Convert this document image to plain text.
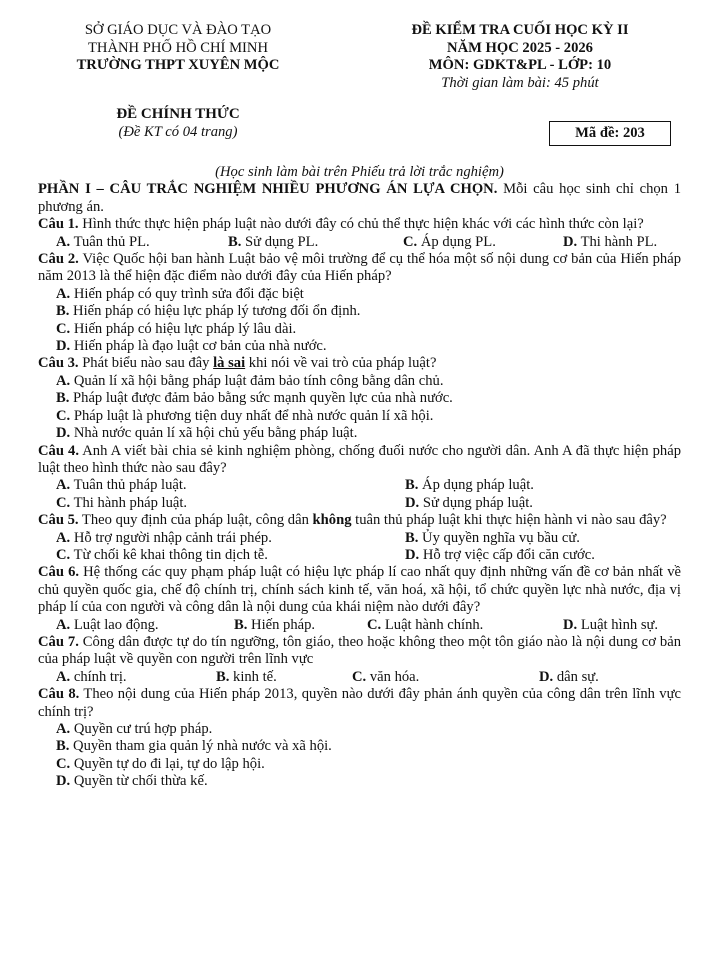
SỞ GIÁO DỤC VÀ ĐÀO TẠO
THÀNH PHỐ HỒ CHÍ MINH
TRƯỜNG THPT XUYÊN MỘC
ĐỀ KIỂM TRA CUỐI HỌC KỲ II
NĂM HỌC 2025 - 2026
MÔN: GDKT&PL - LỚP: 10
Thời gian làm bài: 45 phút
ĐỀ CHÍNH THỨC
(Đề KT có 04 trang)	Mã đề: 203

(Học sinh làm bài trên Phiếu trả lời trắc nghiệm)

PHẦN I – CÂU TRẮC NGHIỆM NHIỀU PHƯƠNG ÁN LỰA CHỌN. Mỗi câu học sinh chỉ chọn 1 phương án.

Câu 1. Hình thức thực hiện pháp luật nào dưới đây có chủ thể thực hiện khác với các hình thức còn lại?

A. Tuân thủ PL.	B. Sử dụng PL.	C. Áp dụng PL.	D. Thi hành PL.

Câu 2. Việc Quốc hội ban hành Luật bảo vệ môi trường để cụ thể hóa một số nội dung cơ bản của Hiến pháp năm 2013 là thể hiện đặc điểm nào dưới đây của Hiến pháp?

A. Hiến pháp có quy trình sửa đổi đặc biệt
B. Hiến pháp có hiệu lực pháp lý tương đối ổn định.
C. Hiến pháp có hiệu lực pháp lý lâu dài.
D. Hiến pháp là đạo luật cơ bản của nhà nước.

Câu 3. Phát biểu nào sau đây là sai khi nói về vai trò của pháp luật?

A. Quản lí xã hội bằng pháp luật đảm bảo tính công bằng dân chủ.
B. Pháp luật được đảm bảo bằng sức mạnh quyền lực của nhà nước.
C. Pháp luật là phương tiện duy nhất để nhà nước quản lí xã hội.
D. Nhà nước quản lí xã hội chủ yếu bằng pháp luật.

Câu 4. Anh A viết bài chia sẻ kinh nghiệm phòng, chống đuối nước cho người dân. Anh A đã thực hiện pháp luật theo hình thức nào sau đây?

A. Tuân thủ pháp luật.	B. Áp dụng pháp luật.
C. Thi hành pháp luật.	D. Sử dụng pháp luật.

Câu 5. Theo quy định của pháp luật, công dân không tuân thủ pháp luật khi thực hiện hành vi nào sau đây?

A. Hỗ trợ người nhập cảnh trái phép.	B. Ủy quyền nghĩa vụ bầu cử.
C. Từ chối kê khai thông tin dịch tễ.	D. Hỗ trợ việc cấp đổi căn cước.

Câu 6. Hệ thống các quy phạm pháp luật có hiệu lực pháp lí cao nhất quy định những vấn đề cơ bản nhất về chủ quyền quốc gia, chế độ chính trị, chính sách kinh tế, văn hoá, xã hội, tổ chức quyền lực nhà nước, địa vị pháp lí của con người và công dân là nội dung của khái niệm nào dưới đây?

A. Luật lao động.	B. Hiến pháp.	C. Luật hành chính.	D. Luật hình sự.

Câu 7. Công dân được tự do tín ngưỡng, tôn giáo, theo hoặc không theo một tôn giáo nào là nội dung cơ bản của pháp luật về quyền con người trên lĩnh vực

A. chính trị.	B. kinh tế.	C. văn hóa.	D. dân sự.

Câu 8. Theo nội dung của Hiến pháp 2013, quyền nào dưới đây phản ánh quyền của công dân trên lĩnh vực chính trị?

A. Quyền cư trú hợp pháp.
B. Quyền tham gia quản lý nhà nước và xã hội.
C. Quyền tự do đi lại, tự do lập hội.
D. Quyền từ chối thừa kế.
